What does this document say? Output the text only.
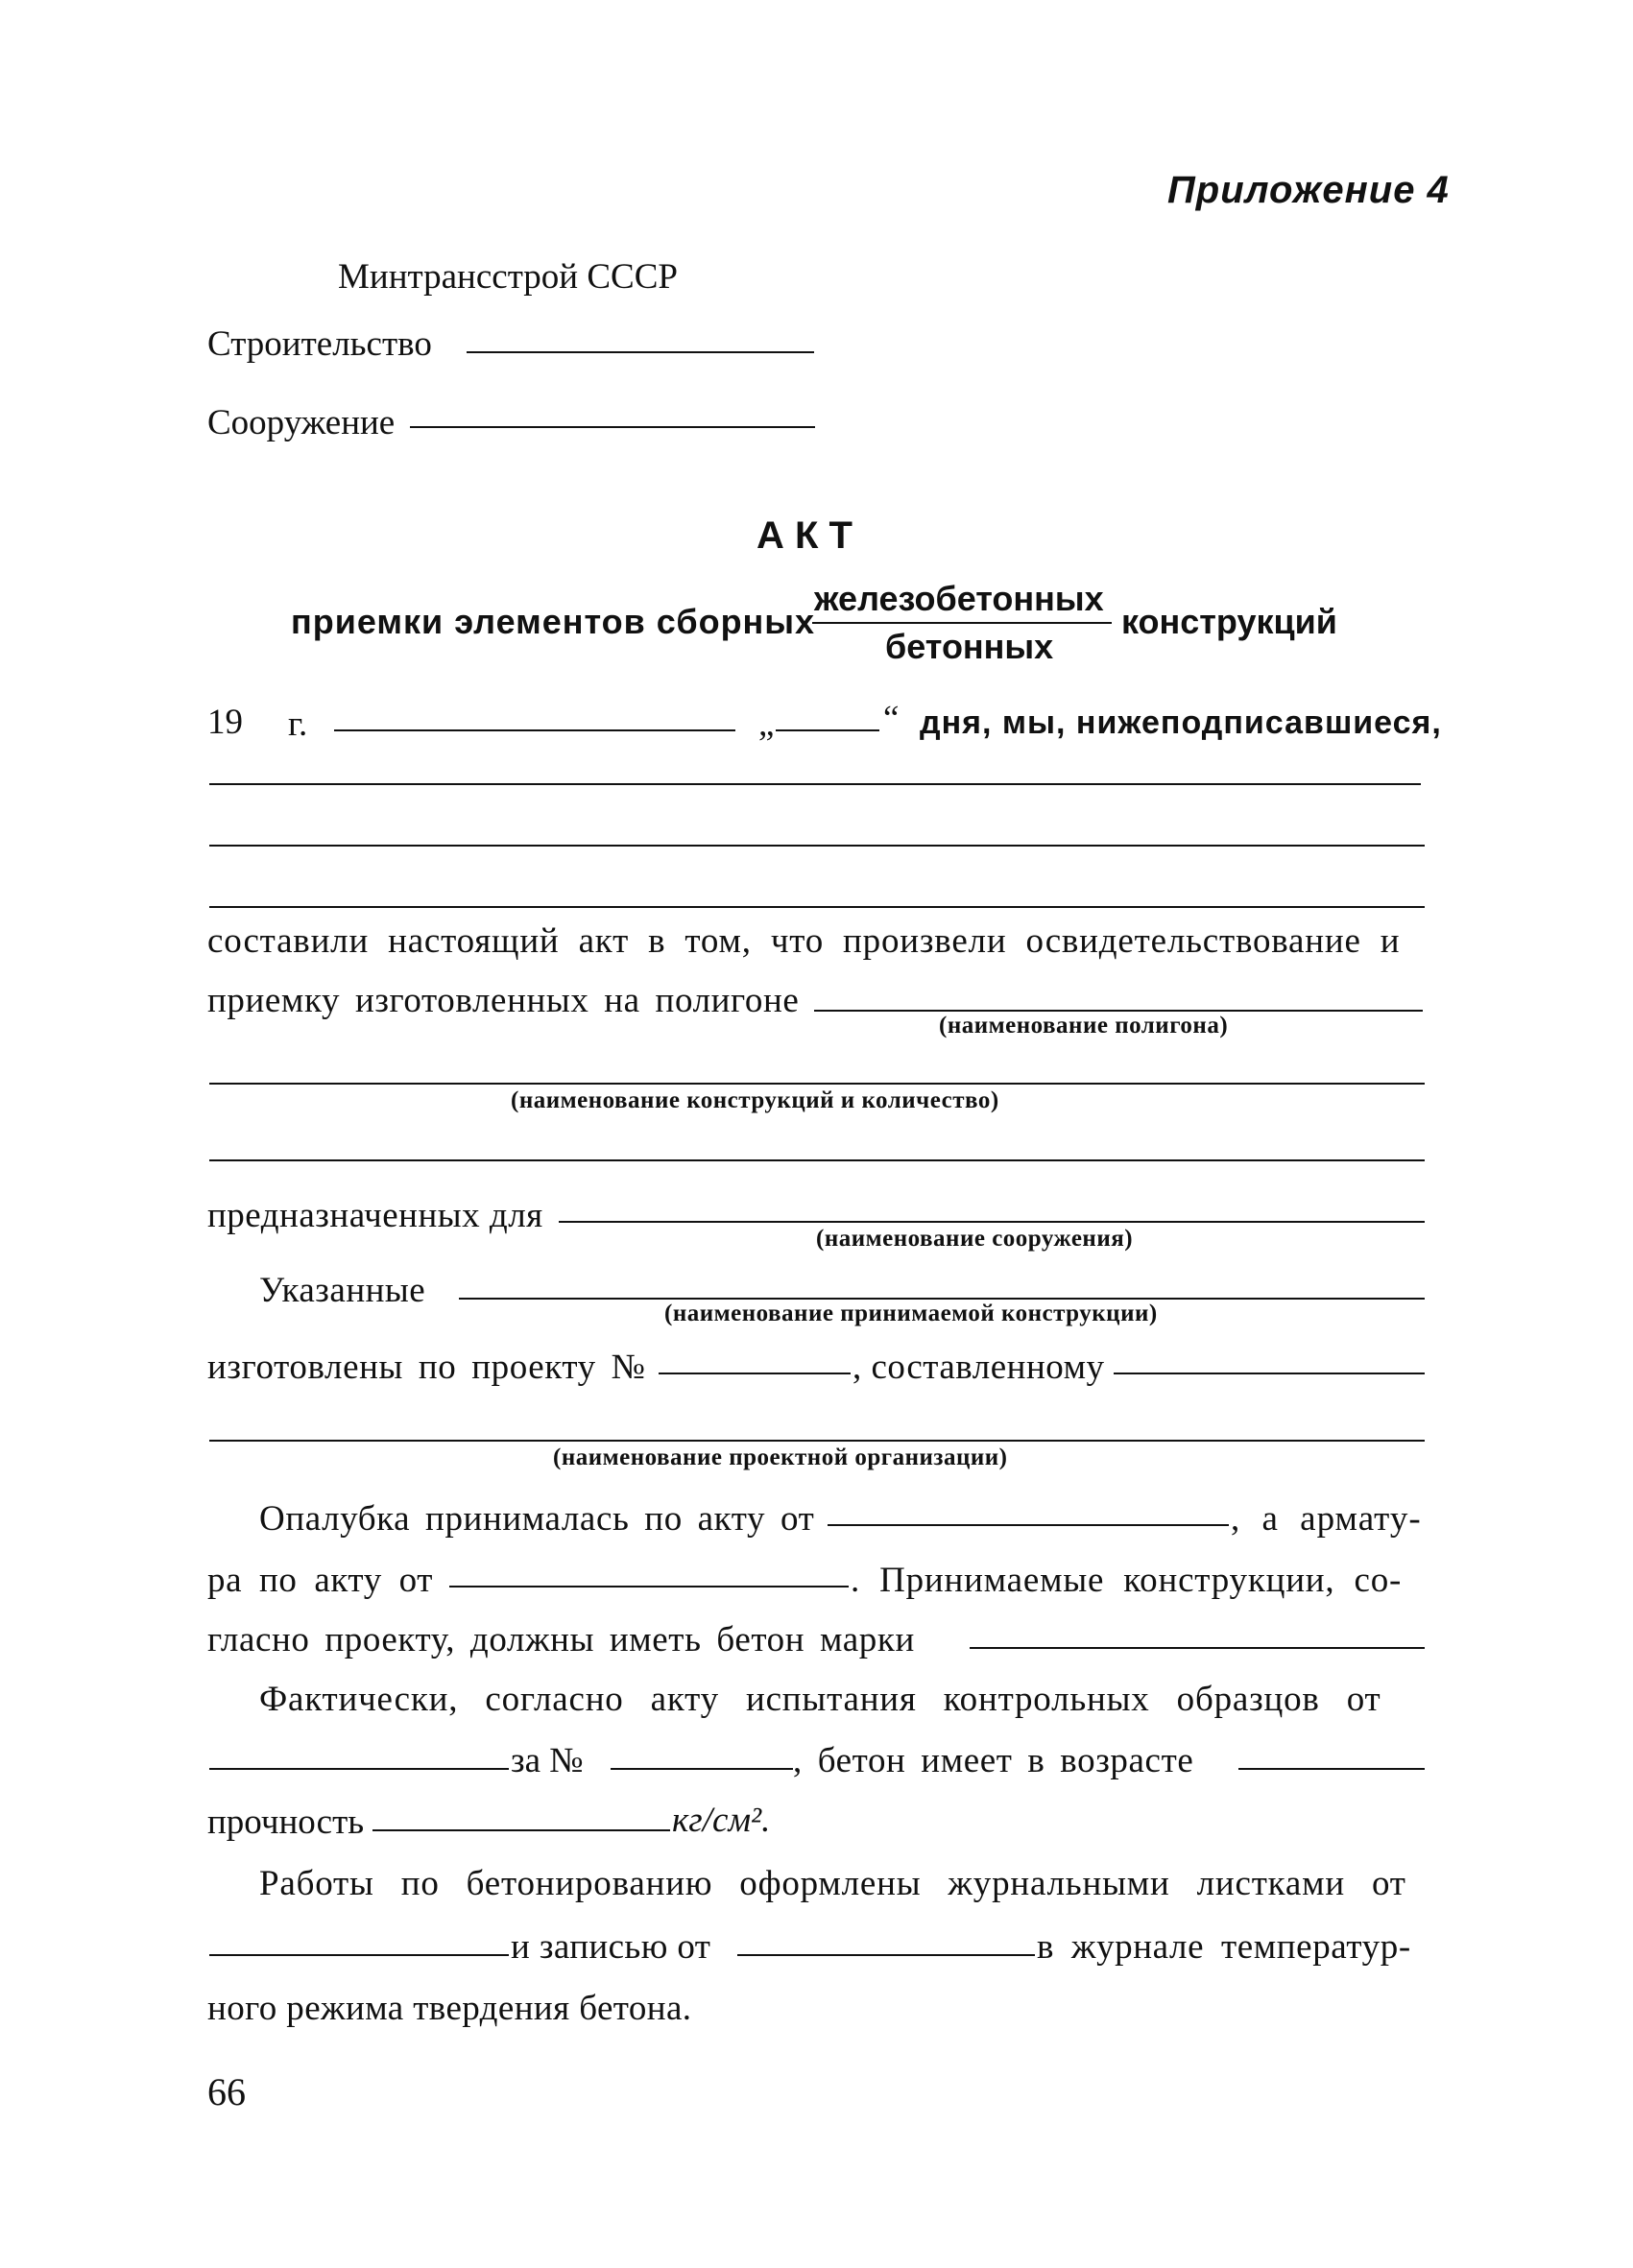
Приложение 4
Минтрансстрой СССР
Строительство
Сооружение
А К Т
приемки элементов сборных
железобетонных
бетонных
конструкций
19 г.	„	“ дня, мы, нижеподписавшиеся,
составили настоящий акт в том, что произвели освидетельствование и
приемку изготовленных на полигоне
(наименование полигона)
(наименование конструкций и количество)
предназначенных для
(наименование сооружения)
Указанные
(наименование принимаемой конструкции)
изготовлены по проекту №	, составленному
(наименование проектной организации)
Опалубка принималась по акту от	, а армату-
ра по акту от	. Принимаемые конструкции, со-
гласно проекту, должны иметь бетон марки
Фактически, согласно акту испытания контрольных образцов от
за №	, бетон имеет в возрасте
прочность	кг/см².
Работы по бетонированию оформлены журнальными листками от
и записью от	в журнале температур-
ного режима твердения бетона.
66
